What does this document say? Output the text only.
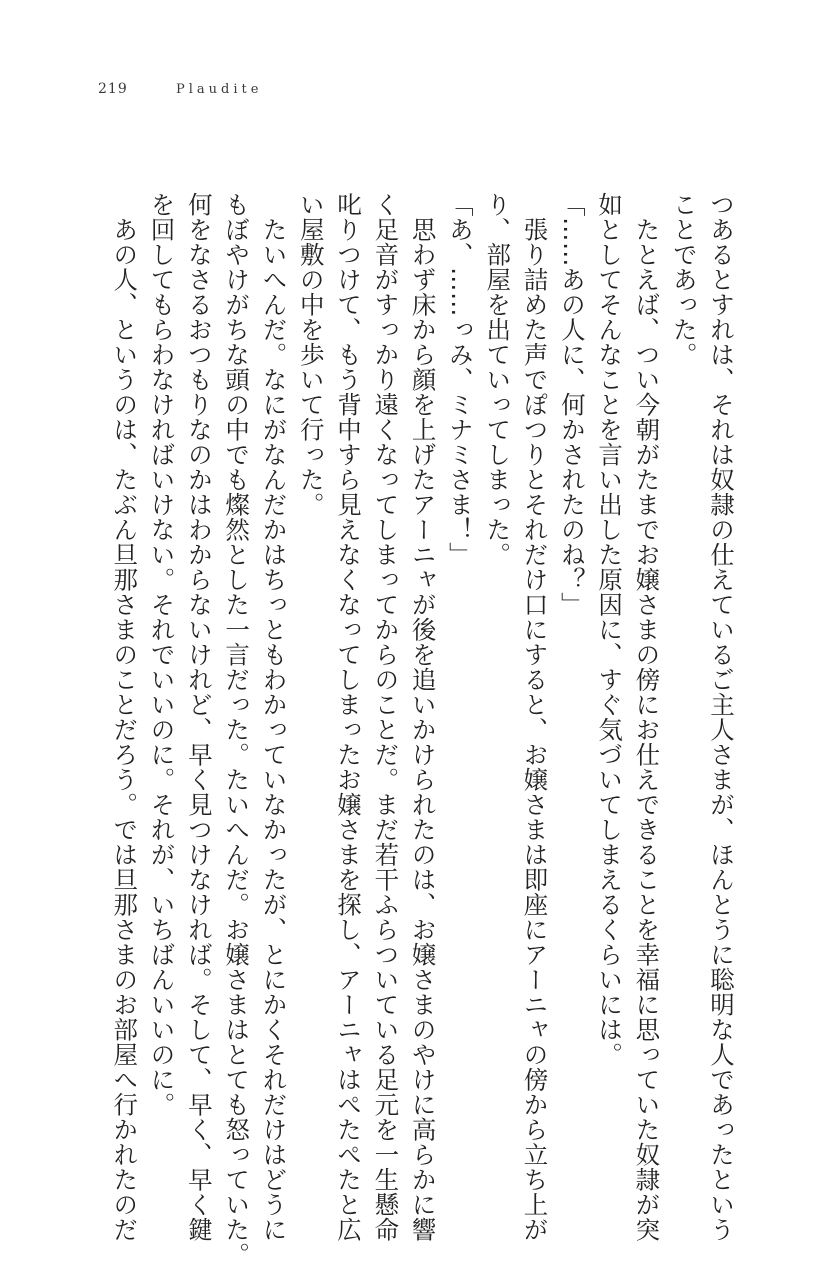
219	Plaudite
つあるとすれは、それは奴隷の仕えているご主人さまが、ほんとうに聡明な人であったという
ことであった。
　たとえば、つい今朝がたまでお嬢さまの傍にお仕えできることを幸福に思っていた奴隷が突
如としてそんなことを言い出した原因に、すぐ気づいてしまえるくらいには。
「……あの人に、何かされたのね？」
　張り詰めた声でぽつりとそれだけ口にすると、お嬢さまは即座にアーニャの傍から立ち上が
り、部屋を出ていってしまった。
「あ、……っみ、ミナミさま！」
　思わず床から顔を上げたアーニャが後を追いかけられたのは、お嬢さまのやけに高らかに響
く足音がすっかり遠くなってしまってからのことだ。まだ若干ふらついている足元を一生懸命
叱りつけて、もう背中すら見えなくなってしまったお嬢さまを探し、アーニャはぺたぺたと広
い屋敷の中を歩いて行った。
　たいへんだ。なにがなんだかはちっともわかっていなかったが、とにかくそれだけはどうに
もぼやけがちな頭の中でも燦然とした一言だった。たいへんだ。お嬢さまはとても怒っていた。
何をなさるおつもりなのかはわからないけれど、早く見つけなければ。そして、早く、早く鍵
を回してもらわなければいけない。それでいいのに。それが、いちばんいいのに。
　あの人、というのは、たぶん旦那さまのことだろう。では旦那さまのお部屋へ行かれたのだ
